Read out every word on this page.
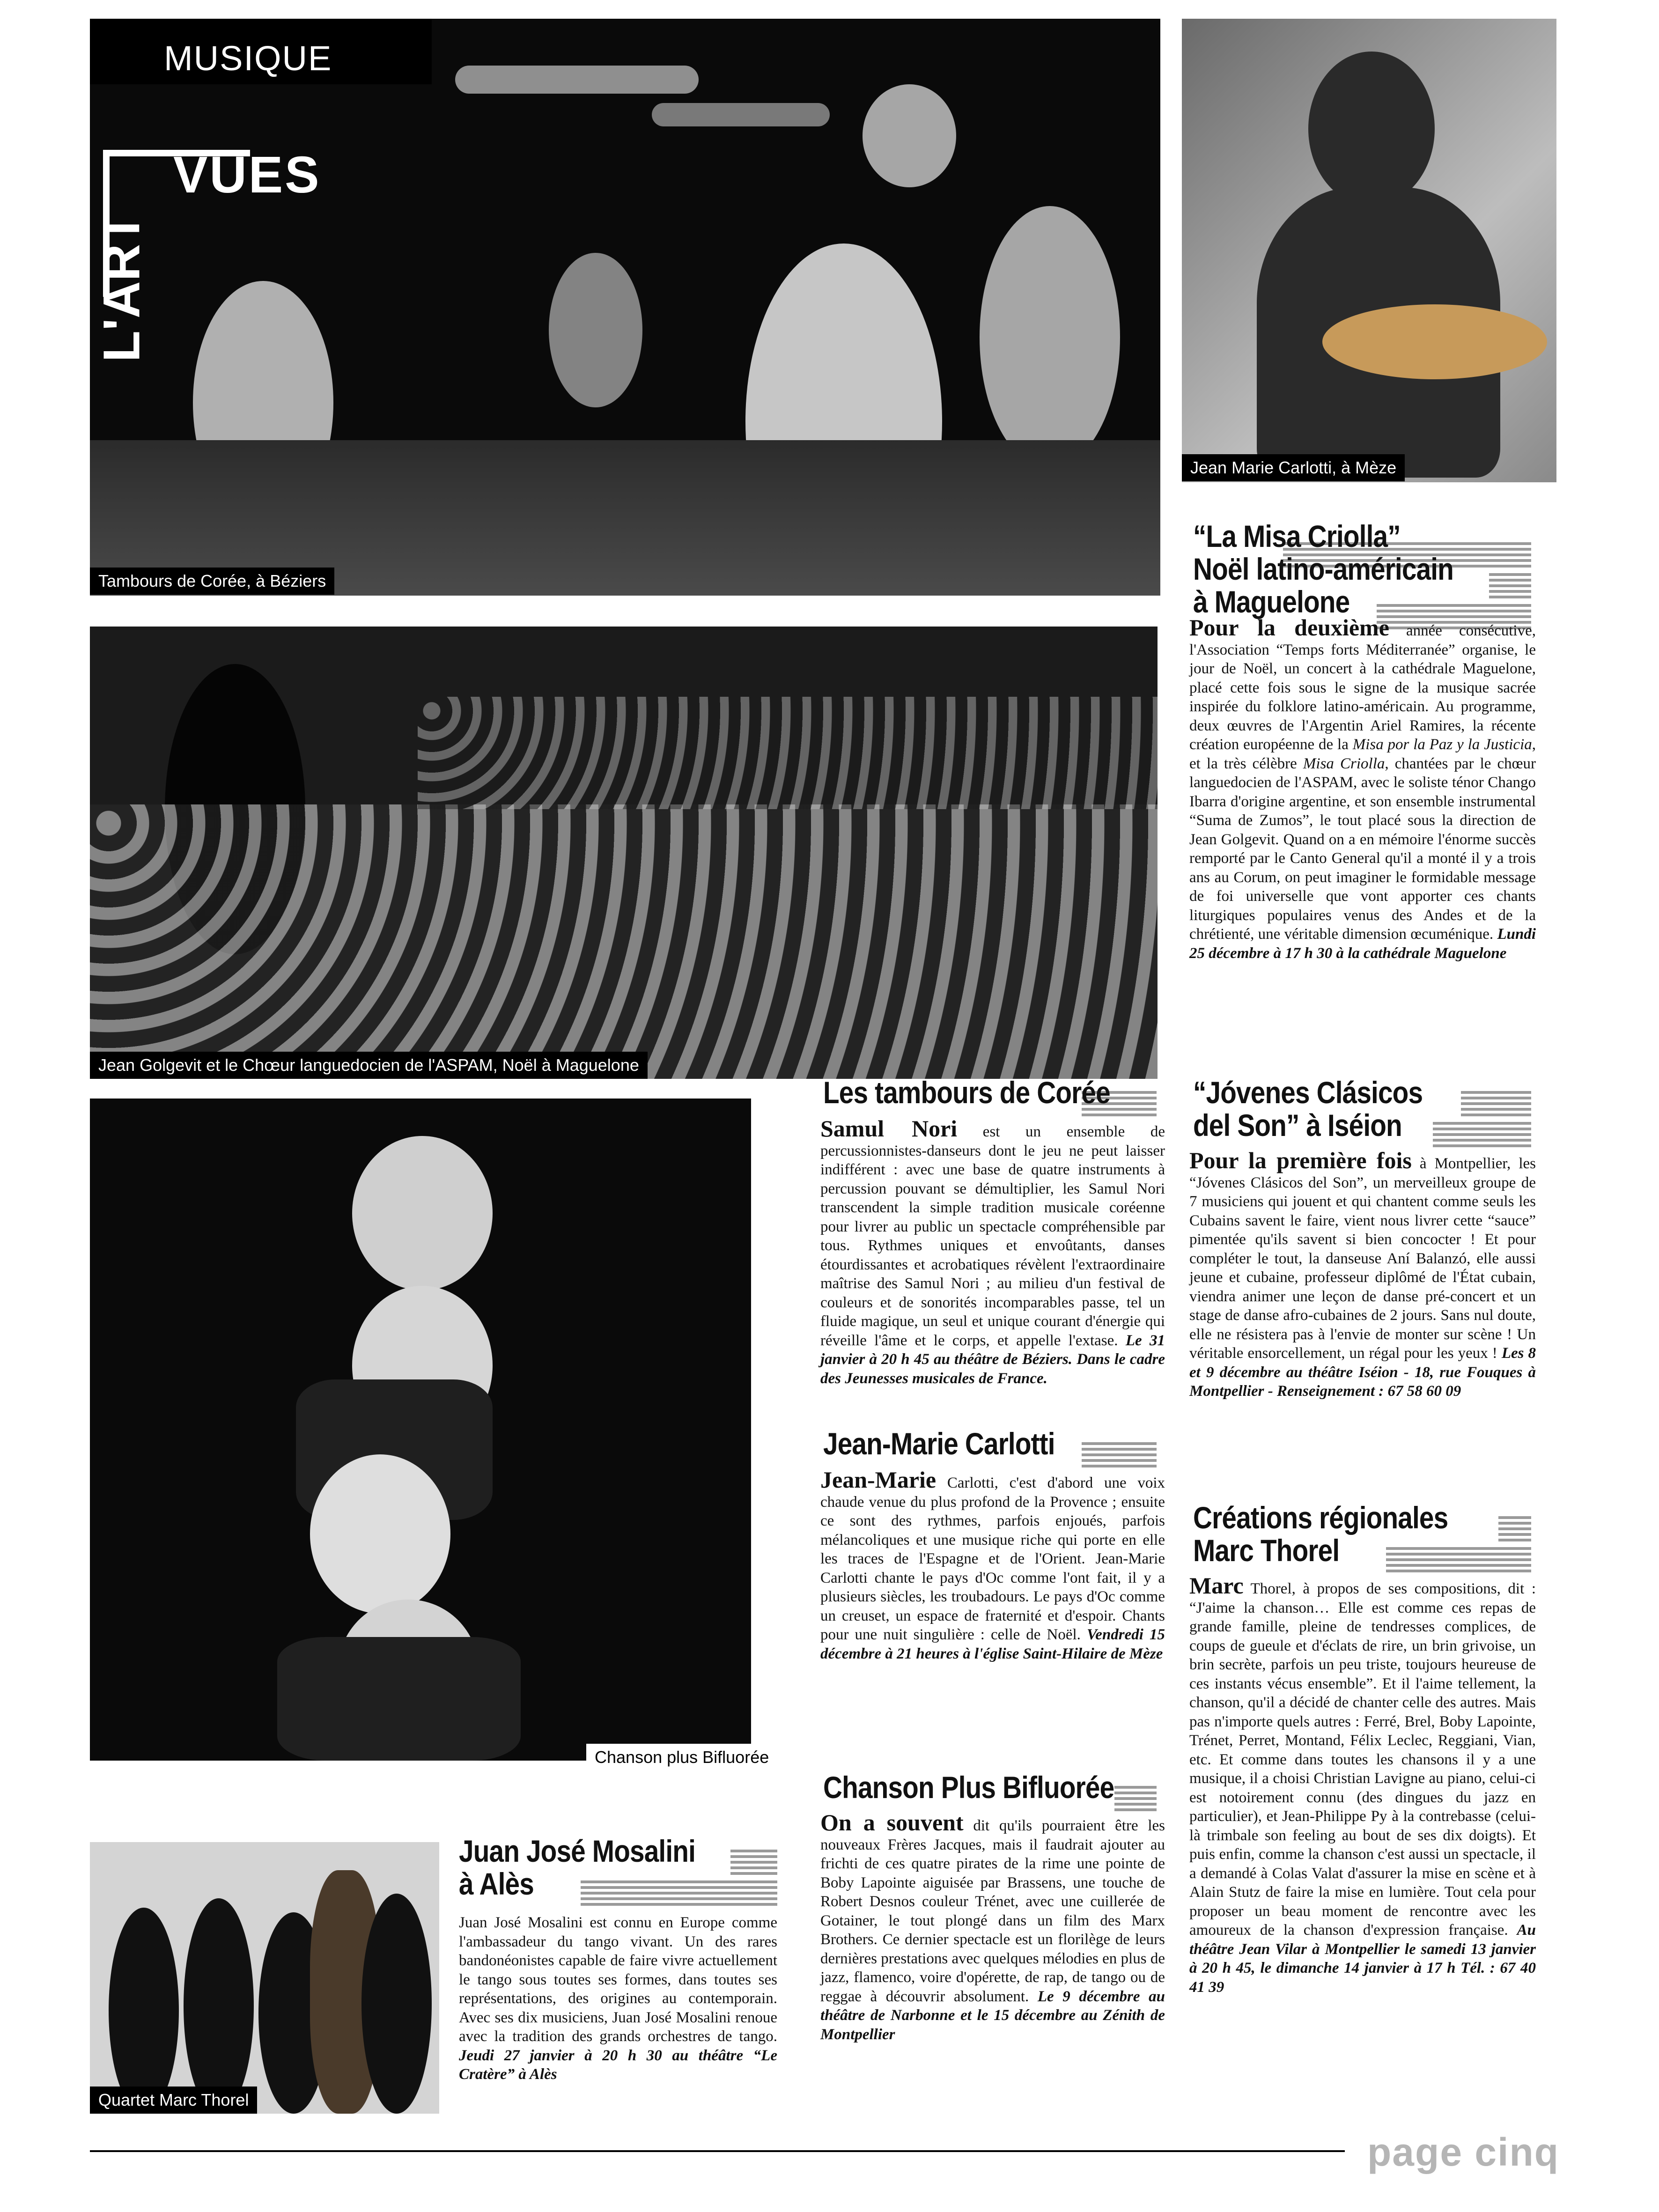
MUSIQUE
VUES
L'ART
Tambours de Corée, à Béziers
Jean Marie Carlotti, à Mèze
“La Misa Criolla”
Noël latino-américain
à Maguelone

Pour la deuxième année consécutive, l'Association “Temps forts Méditerranée” organise, le jour de Noël, un concert à la cathédrale Maguelone, placé cette fois sous le signe de la musique sacrée inspirée du folklore latino-américain. Au programme, deux œuvres de l'Argentin Ariel Ramires, la récente création européenne de la Misa por la Paz y la Justicia, et la très célèbre Misa Criolla, chantées par le chœur languedocien de l'ASPAM, avec le soliste ténor Chango Ibarra d'origine argentine, et son ensemble instrumental “Suma de Zumos”, le tout placé sous la direction de Jean Golgevit. Quand on a en mémoire l'énorme succès remporté par le Canto General qu'il a monté il y a trois ans au Corum, on peut imaginer le formidable message de foi universelle que vont apporter ces chants liturgiques populaires venus des Andes et de la chrétienté, une véritable dimension œcuménique. Lundi 25 décembre à 17 h 30 à la cathédrale Maguelone

Jean Golgevit et le Chœur languedocien de l'ASPAM, Noël à Maguelone
Chanson plus Bifluorée
Les tambours de Corée

Samul Nori est un ensemble de percussionnistes-danseurs dont le jeu ne peut laisser indifférent : avec une base de quatre instruments à percussion pouvant se démultiplier, les Samul Nori transcendent la simple tradition musicale coréenne pour livrer au public un spectacle compréhensible par tous. Rythmes uniques et envoûtants, danses étourdissantes et acrobatiques révèlent l'extraordinaire maîtrise des Samul Nori ; au milieu d'un festival de couleurs et de sonorités incomparables passe, tel un fluide magique, un seul et unique courant d'énergie qui réveille l'âme et le corps, et appelle l'extase. Le 31 janvier à 20 h 45 au théâtre de Béziers. Dans le cadre des Jeunesses musicales de France.

“Jóvenes Clásicos
del Son” à Iséion

Pour la première fois à Montpellier, les “Jóvenes Clásicos del Son”, un merveilleux groupe de 7 musiciens qui jouent et qui chantent comme seuls les Cubains savent le faire, vient nous livrer cette “sauce” pimentée qu'ils savent si bien concocter ! Et pour compléter le tout, la danseuse Aní Balanzó, elle aussi jeune et cubaine, professeur diplômé de l'État cubain, viendra animer une leçon de danse pré-concert et un stage de danse afro-cubaines de 2 jours. Sans nul doute, elle ne résistera pas à l'envie de monter sur scène ! Un véritable ensorcellement, un régal pour les yeux ! Les 8 et 9 décembre au théâtre Iséion - 18, rue Fouques à Montpellier - Renseignement : 67 58 60 09

Jean-Marie Carlotti

Jean-Marie Carlotti, c'est d'abord une voix chaude venue du plus profond de la Provence ; ensuite ce sont des rythmes, parfois enjoués, parfois mélancoliques et une musique riche qui porte en elle les traces de l'Espagne et de l'Orient. Jean-Marie Carlotti chante le pays d'Oc comme l'ont fait, il y a plusieurs siècles, les troubadours. Le pays d'Oc comme un creuset, un espace de fraternité et d'espoir. Chants pour une nuit singulière : celle de Noël. Vendredi 15 décembre à 21 heures à l'église Saint-Hilaire de Mèze

Créations régionales
Marc Thorel

Marc Thorel, à propos de ses compositions, dit : “J'aime la chanson… Elle est comme ces repas de grande famille, pleine de tendresses complices, de coups de gueule et d'éclats de rire, un brin grivoise, un brin secrète, parfois un peu triste, toujours heureuse de ces instants vécus ensemble”. Et il l'aime tellement, la chanson, qu'il a décidé de chanter celle des autres. Mais pas n'importe quels autres : Ferré, Brel, Boby Lapointe, Trénet, Perret, Montand, Félix Leclec, Reggiani, Vian, etc. Et comme dans toutes les chansons il y a une musique, il a choisi Christian Lavigne au piano, celui-ci est notoirement connu (des dingues du jazz en particulier), et Jean-Philippe Py à la contrebasse (celui-là trimbale son feeling au bout de ses dix doigts). Et puis enfin, comme la chanson c'est aussi un spectacle, il a demandé à Colas Valat d'assurer la mise en scène et à Alain Stutz de faire la mise en lumière. Tout cela pour proposer un beau moment de rencontre avec les amoureux de la chanson d'expression française. Au théâtre Jean Vilar à Montpellier le samedi 13 janvier à 20 h 45, le dimanche 14 janvier à 17 h Tél. : 67 40 41 39

Chanson Plus Bifluorée

On a souvent dit qu'ils pourraient être les nouveaux Frères Jacques, mais il faudrait ajouter au frichti de ces quatre pirates de la rime une pointe de Boby Lapointe aiguisée par Brassens, une touche de Robert Desnos couleur Trénet, avec une cuillerée de Gotainer, le tout plongé dans un film des Marx Brothers. Ce dernier spectacle est un florilège de leurs dernières prestations avec quelques mélodies en plus de jazz, flamenco, voire d'opérette, de rap, de tango ou de reggae à découvrir absolument. Le 9 décembre au théâtre de Narbonne et le 15 décembre au Zénith de Montpellier

Quartet Marc Thorel
Juan José Mosalini
à Alès

Juan José Mosalini est connu en Europe comme l'ambassadeur du tango vivant. Un des rares bandonéonistes capable de faire vivre actuellement le tango sous toutes ses formes, dans toutes ses représentations, des origines au contemporain. Avec ses dix musiciens, Juan José Mosalini renoue avec la tradition des grands orchestres de tango. Jeudi 27 janvier à 20 h 30 au théâtre “Le Cratère” à Alès

page cinq
